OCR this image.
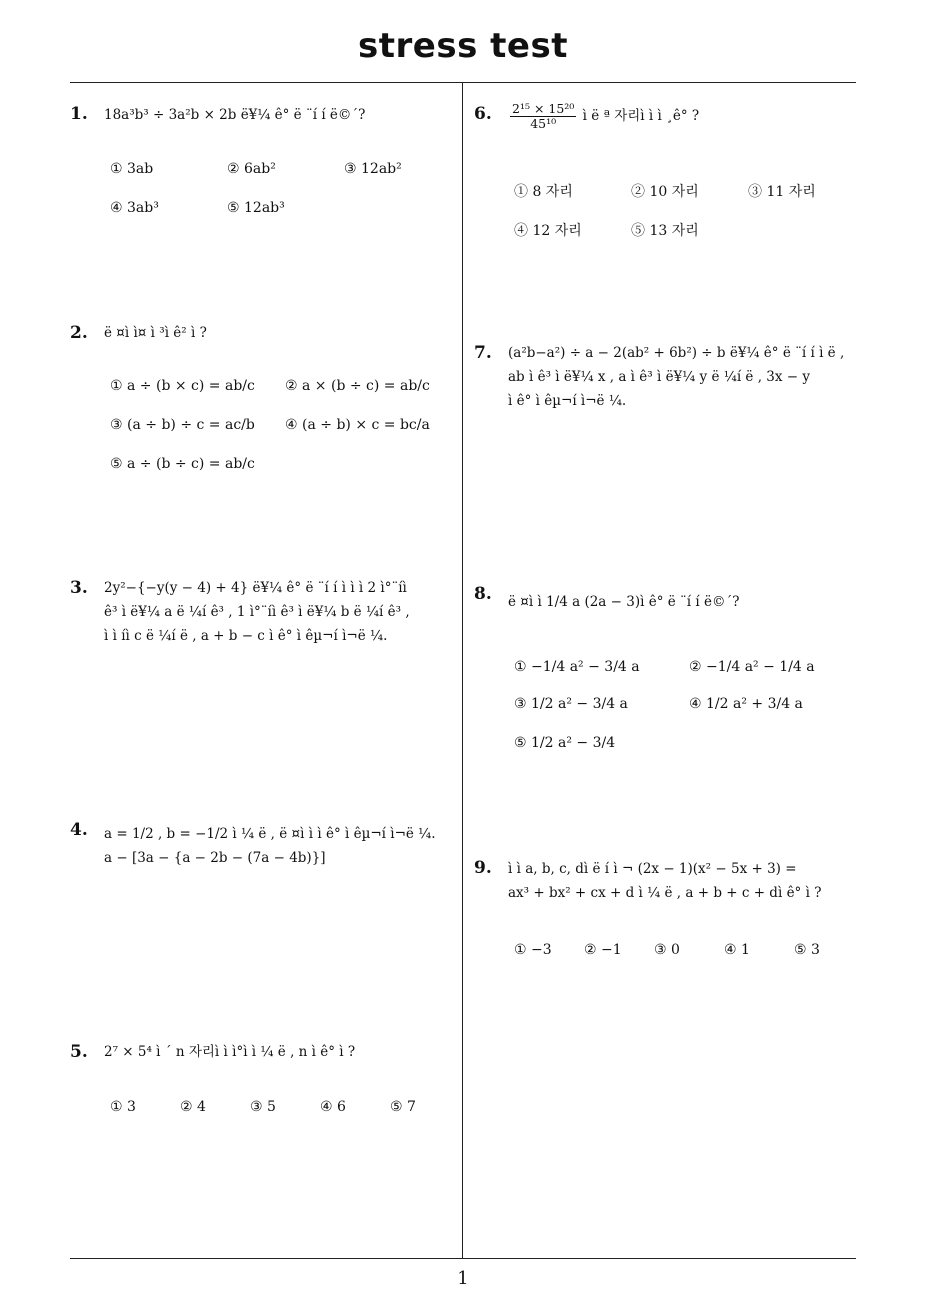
stress test
1
1. 18a³b³ ÷ 3a²b × 2b ë¥¼ ê° ë ¨í í ë©´?
① 3ab	② 6ab²	③ 12ab²
④ 3ab³	⑤ 12ab³
2. ë ¤ì ì¤ ì ³ì ê² ì ?
① a ÷ (b × c) = ab/c ② a × (b ÷ c) = ab/c
③ (a ÷ b) ÷ c = ac/b ④ (a ÷ b) × c = bc/a
⑤ a ÷ (b ÷ c) = ab/c
3. 2y²−{−y(y − 4) + 4} ë¥¼ ê° ë ¨í í ì ì ì 2 ì°¨íì
ê³ ì ë¥¼ a ë ¼í ê³ , 1 ì°¨íì ê³ ì ë¥¼ b ë ¼í ê³ ,
ì ì íì c ë ¼í ë , a + b − c ì ê° ì êµ¬í ì¬ë ¼.
4. a = 1/2 , b = −1/2 ì ¼ ë , ë ¤ì ì ì ê° ì êµ¬í ì¬ë ¼.
a − [3a − {a − 2b − (7a − 4b)}]
5. 2⁷ × 5⁴ ì ´ n 자리ì ì ì°ì ì ¼ ë , n ì ê° ì ?
① 3	② 4	③ 5	④ 6	⑤ 7
6. $\frac{\text{2¹⁵ × 15²⁰}}{\text{45¹⁰}}$ ì ë ª 자리ì ì ì ¸ê° ?
① 8 자리	② 10 자리	③ 11 자리
④ 12 자리	⑤ 13 자리
7. (a²b−a²) ÷ a − 2(ab² + 6b²) ÷ b ë¥¼ ê° ë ¨í í ì ë ,
ab ì ê³ ì ë¥¼ x , a ì ê³ ì ë¥¼ y ë ¼í ë , 3x − y
ì ê° ì êµ¬í ì¬ë ¼.
8. ë ¤ì ì 1/4 a (2a − 3)ì ê° ë ¨í í ë©´?
① −1/4 a² − 3/4 a	② −1/4 a² − 1/4 a
③ 1/2 a² − 3/4 a	④ 1/2 a² + 3/4 a
⑤ 1/2 a² − 3/4
9. ì ì a, b, c, dì ë í ì ¬ (2x − 1)(x² − 5x + 3) =
ax³ + bx² + cx + d ì ¼ ë , a + b + c + dì ê° ì ?
① −3 ② −1 ③ 0	④ 1	⑤ 3
